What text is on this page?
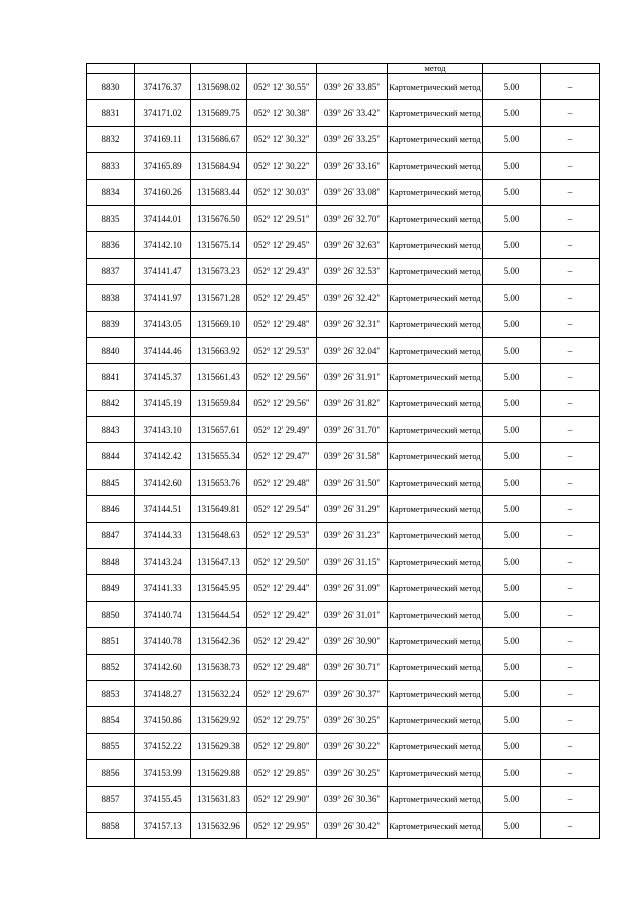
					метод		
8830	374176.37	1315698.02	052° 12' 30.55"	039° 26' 33.85"	Картометрический метод	5.00	–
8831	374171.02	1315689.75	052° 12' 30.38"	039° 26' 33.42"	Картометрический метод	5.00	–
8832	374169.11	1315686.67	052° 12' 30.32"	039° 26' 33.25"	Картометрический метод	5.00	–
8833	374165.89	1315684.94	052° 12' 30.22"	039° 26' 33.16"	Картометрический метод	5.00	–
8834	374160.26	1315683.44	052° 12' 30.03"	039° 26' 33.08"	Картометрический метод	5.00	–
8835	374144.01	1315676.50	052° 12' 29.51"	039° 26' 32.70"	Картометрический метод	5.00	–
8836	374142.10	1315675.14	052° 12' 29.45"	039° 26' 32.63"	Картометрический метод	5.00	–
8837	374141.47	1315673.23	052° 12' 29.43"	039° 26' 32.53"	Картометрический метод	5.00	–
8838	374141.97	1315671.28	052° 12' 29.45"	039° 26' 32.42"	Картометрический метод	5.00	–
8839	374143.05	1315669.10	052° 12' 29.48"	039° 26' 32.31"	Картометрический метод	5.00	–
8840	374144.46	1315663.92	052° 12' 29.53"	039° 26' 32.04"	Картометрический метод	5.00	–
8841	374145.37	1315661.43	052° 12' 29.56"	039° 26' 31.91"	Картометрический метод	5.00	–
8842	374145.19	1315659.84	052° 12' 29.56"	039° 26' 31.82"	Картометрический метод	5.00	–
8843	374143.10	1315657.61	052° 12' 29.49"	039° 26' 31.70"	Картометрический метод	5.00	–
8844	374142.42	1315655.34	052° 12' 29.47"	039° 26' 31.58"	Картометрический метод	5.00	–
8845	374142.60	1315653.76	052° 12' 29.48"	039° 26' 31.50"	Картометрический метод	5.00	–
8846	374144.51	1315649.81	052° 12' 29.54"	039° 26' 31.29"	Картометрический метод	5.00	–
8847	374144.33	1315648.63	052° 12' 29.53"	039° 26' 31.23"	Картометрический метод	5.00	–
8848	374143.24	1315647.13	052° 12' 29.50"	039° 26' 31.15"	Картометрический метод	5.00	–
8849	374141.33	1315645.95	052° 12' 29.44"	039° 26' 31.09"	Картометрический метод	5.00	–
8850	374140.74	1315644.54	052° 12' 29.42"	039° 26' 31.01"	Картометрический метод	5.00	–
8851	374140.78	1315642.36	052° 12' 29.42"	039° 26' 30.90"	Картометрический метод	5.00	–
8852	374142.60	1315638.73	052° 12' 29.48"	039° 26' 30.71"	Картометрический метод	5.00	–
8853	374148.27	1315632.24	052° 12' 29.67"	039° 26' 30.37"	Картометрический метод	5.00	–
8854	374150.86	1315629.92	052° 12' 29.75"	039° 26' 30.25"	Картометрический метод	5.00	–
8855	374152.22	1315629.38	052° 12' 29.80"	039° 26' 30.22"	Картометрический метод	5.00	–
8856	374153.99	1315629.88	052° 12' 29.85"	039° 26' 30.25"	Картометрический метод	5.00	–
8857	374155.45	1315631.83	052° 12' 29.90"	039° 26' 30.36"	Картометрический метод	5.00	–
8858	374157.13	1315632.96	052° 12' 29.95"	039° 26' 30.42"	Картометрический метод	5.00	–
